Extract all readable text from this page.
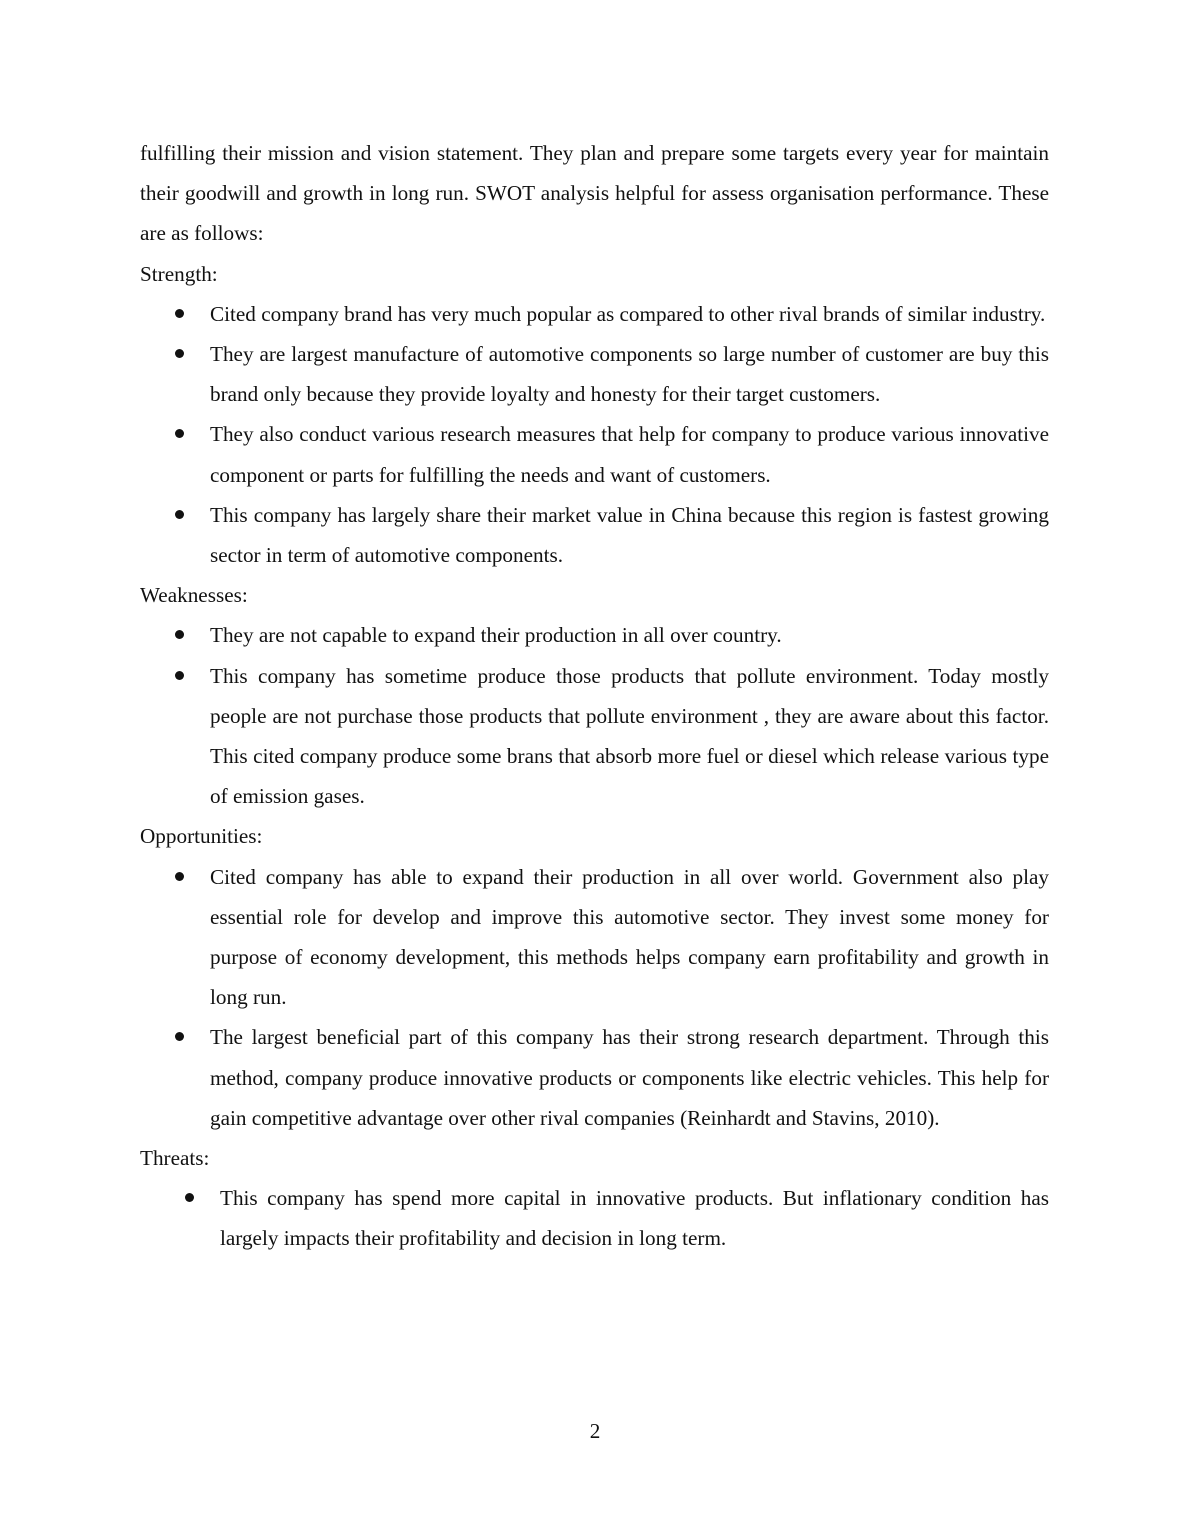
fulfilling their mission and vision statement. They plan and prepare some targets every year for maintain their goodwill and growth in long run. SWOT analysis helpful for assess organisation performance. These are as follows:

Strength:

Cited company brand has very much popular as compared to other rival brands of similar industry.
They are largest manufacture of automotive components so large number of customer are buy this brand only because they provide loyalty and honesty for their target customers.
They also conduct various research measures that help for company to produce various innovative component or parts for fulfilling the needs and want of customers.
This company has largely share their market value in China because this region is fastest growing sector in term of automotive components.

Weaknesses:

They are not capable to expand their production in all over country.
This company has sometime produce those products that pollute environment. Today mostly people are not purchase those products that pollute environment , they are aware about this factor. This cited company produce some brans that absorb more fuel or diesel which release various type of emission gases.

Opportunities:

Cited company has able to expand their production in all over world. Government also play essential role for develop and improve this automotive sector. They invest some money for purpose of economy development, this methods helps company earn profitability and growth in long run.
The largest beneficial part of this company has their strong research department. Through this method, company produce innovative products or components like electric vehicles. This help for gain competitive advantage over other rival companies (Reinhardt and Stavins, 2010).

Threats:

This company has spend more capital in innovative products. But inflationary condition has largely impacts their profitability and decision in long term.
2
